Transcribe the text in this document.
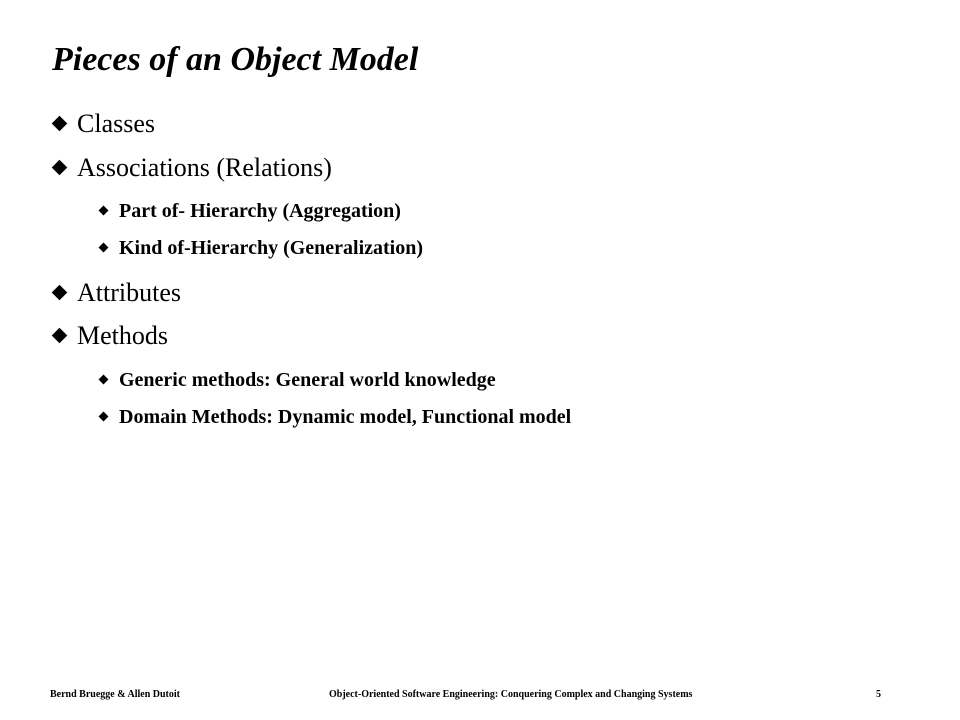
Pieces of an Object Model
Classes
Associations (Relations)
Part of- Hierarchy (Aggregation)
Kind of-Hierarchy (Generalization)
Attributes
Methods
Generic methods: General world knowledge
Domain Methods: Dynamic model, Functional model
Bernd Bruegge & Allen Dutoit	Object-Oriented Software Engineering: Conquering Complex and Changing Systems	5
